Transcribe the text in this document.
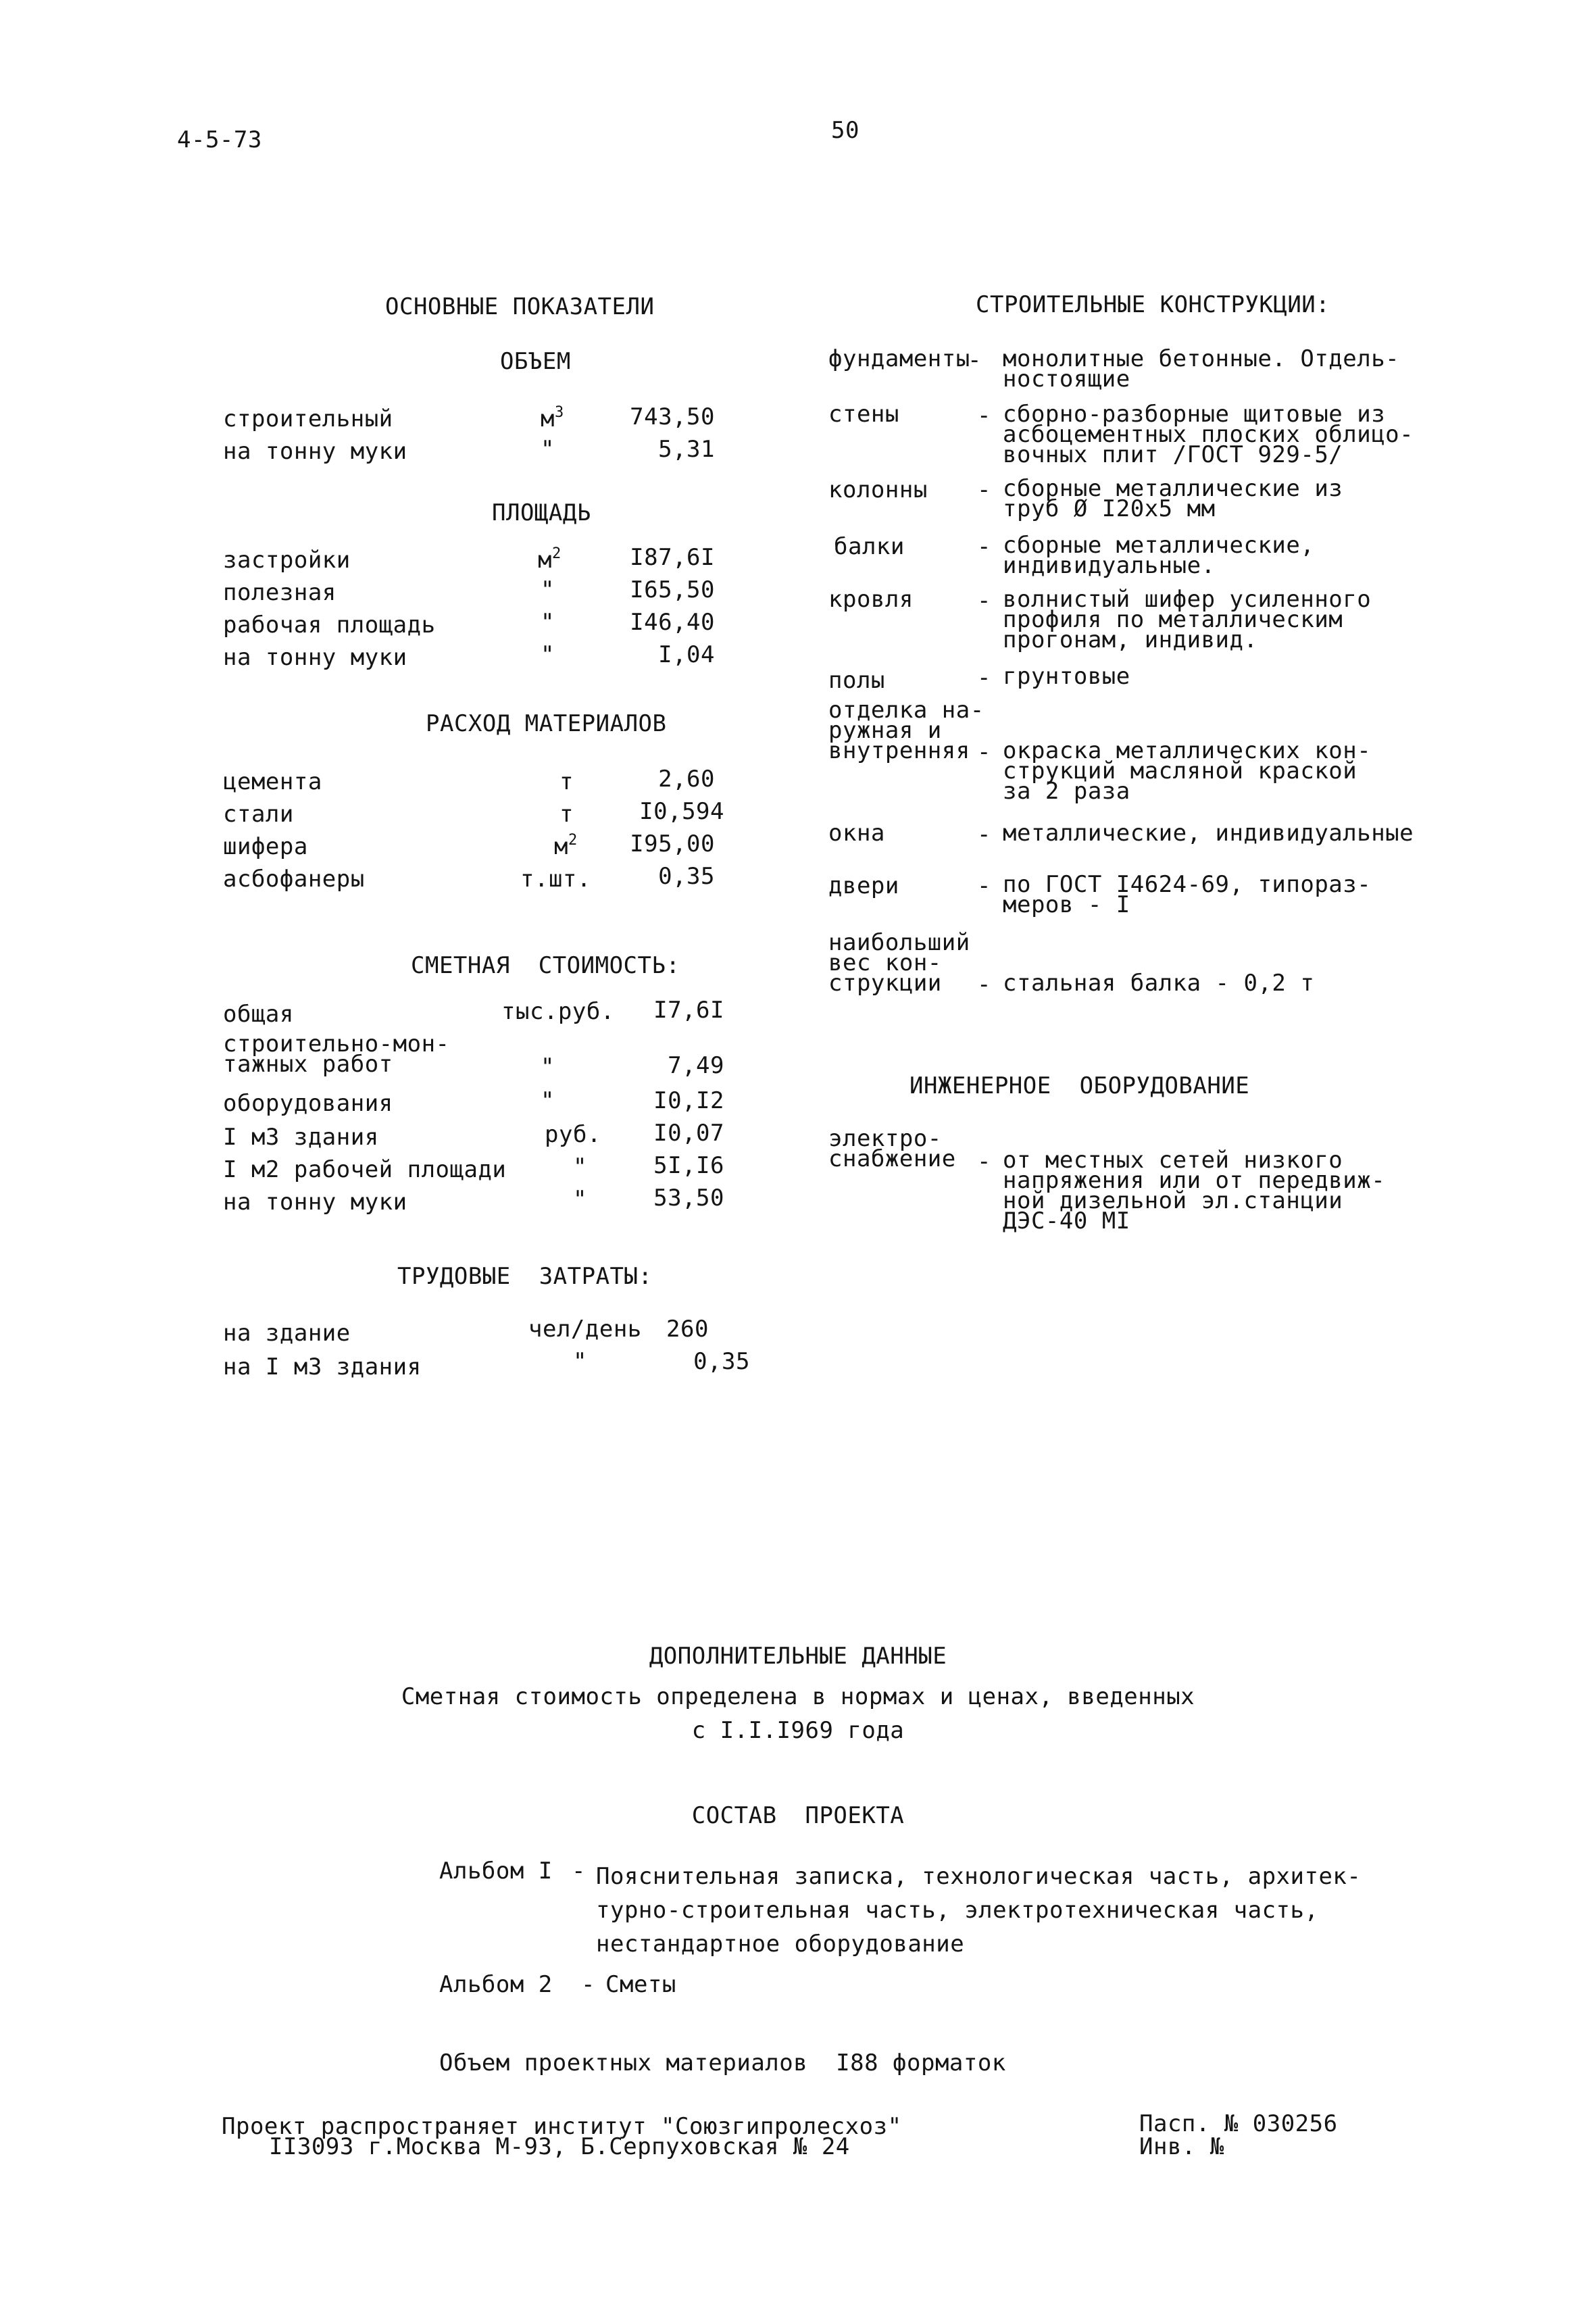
4-5-73	50
ОСНОВНЫЕ ПОКАЗАТЕЛИ
ОБЪЕМ
строительный	$м^3$	743,50
на тонну муки	"	5,31
ПЛОЩАДЬ
застройки	$м^2$	I87,6I
полезная	"	I65,50
рабочая площадь	"	I46,40
на тонну муки	"	I,04
РАСХОД МАТЕРИАЛОВ
цемента	т	2,60
стали	т	I0,594
шифера	$м^2$	I95,00
асбофанеры	т.шт.	0,35
СМЕТНАЯ  СТОИМОСТЬ:
общая	тыс.руб.	I7,6I
строительно-мон-
тажных работ	"	7,49
оборудования	"	I0,I2
I м3 здания	руб.	I0,07
I м2 рабочей площади	"	5I,I6
на тонну муки	"	53,50
ТРУДОВЫЕ  ЗАТРАТЫ:
на здание	чел/день 260
на I м3 здания	"	0,35
СТРОИТЕЛЬНЫЕ КОНСТРУКЦИИ:
фундаменты
- монолитные бетонные. Отдель-
ностоящие
стены	- сборно-разборные щитовые из
асбоцементных плоских облицо-
вочных плит /ГОСТ 929-5/
колонны - сборные металлические из
труб Ø I20x5 мм
балки	- сборные металлические,
индивидуальные.
кровля	- волнистый шифер усиленного
профиля по металлическим
прогонам, индивид.
полы	- грунтовые
отделка на-
ружная и
внутренняя - окраска металлических кон-
струкций масляной краской
за 2 раза
окна	- металлические, индивидуальные
двери	- по ГОСТ I4624-69, типораз-
меров - I
наибольший
вес кон-
струкции	- стальная балка - 0,2 т
ИНЖЕНЕРНОЕ  ОБОРУДОВАНИЕ
электро-
снабжение - от местных сетей низкого
напряжения или от передвиж-
ной дизельной эл.станции
ДЭС-40 МI
ДОПОЛНИТЕЛЬНЫЕ ДАННЫЕ
Сметная стоимость определена в нормах и ценах, введенных
с I.I.I969 года
СОСТАВ  ПРОЕКТА
Альбом I - Пояснительная записка, технологическая часть, архитек-
турно-строительная часть, электротехническая часть,
нестандартное оборудование
Альбом 2 - Сметы
Объем проектных материалов  I88 форматок
Проект распространяет институт "Союзгипролесхоз"
II3093 г.Москва М-93, Б.Серпуховская № 24
Пасп. № 030256
Инв. №
